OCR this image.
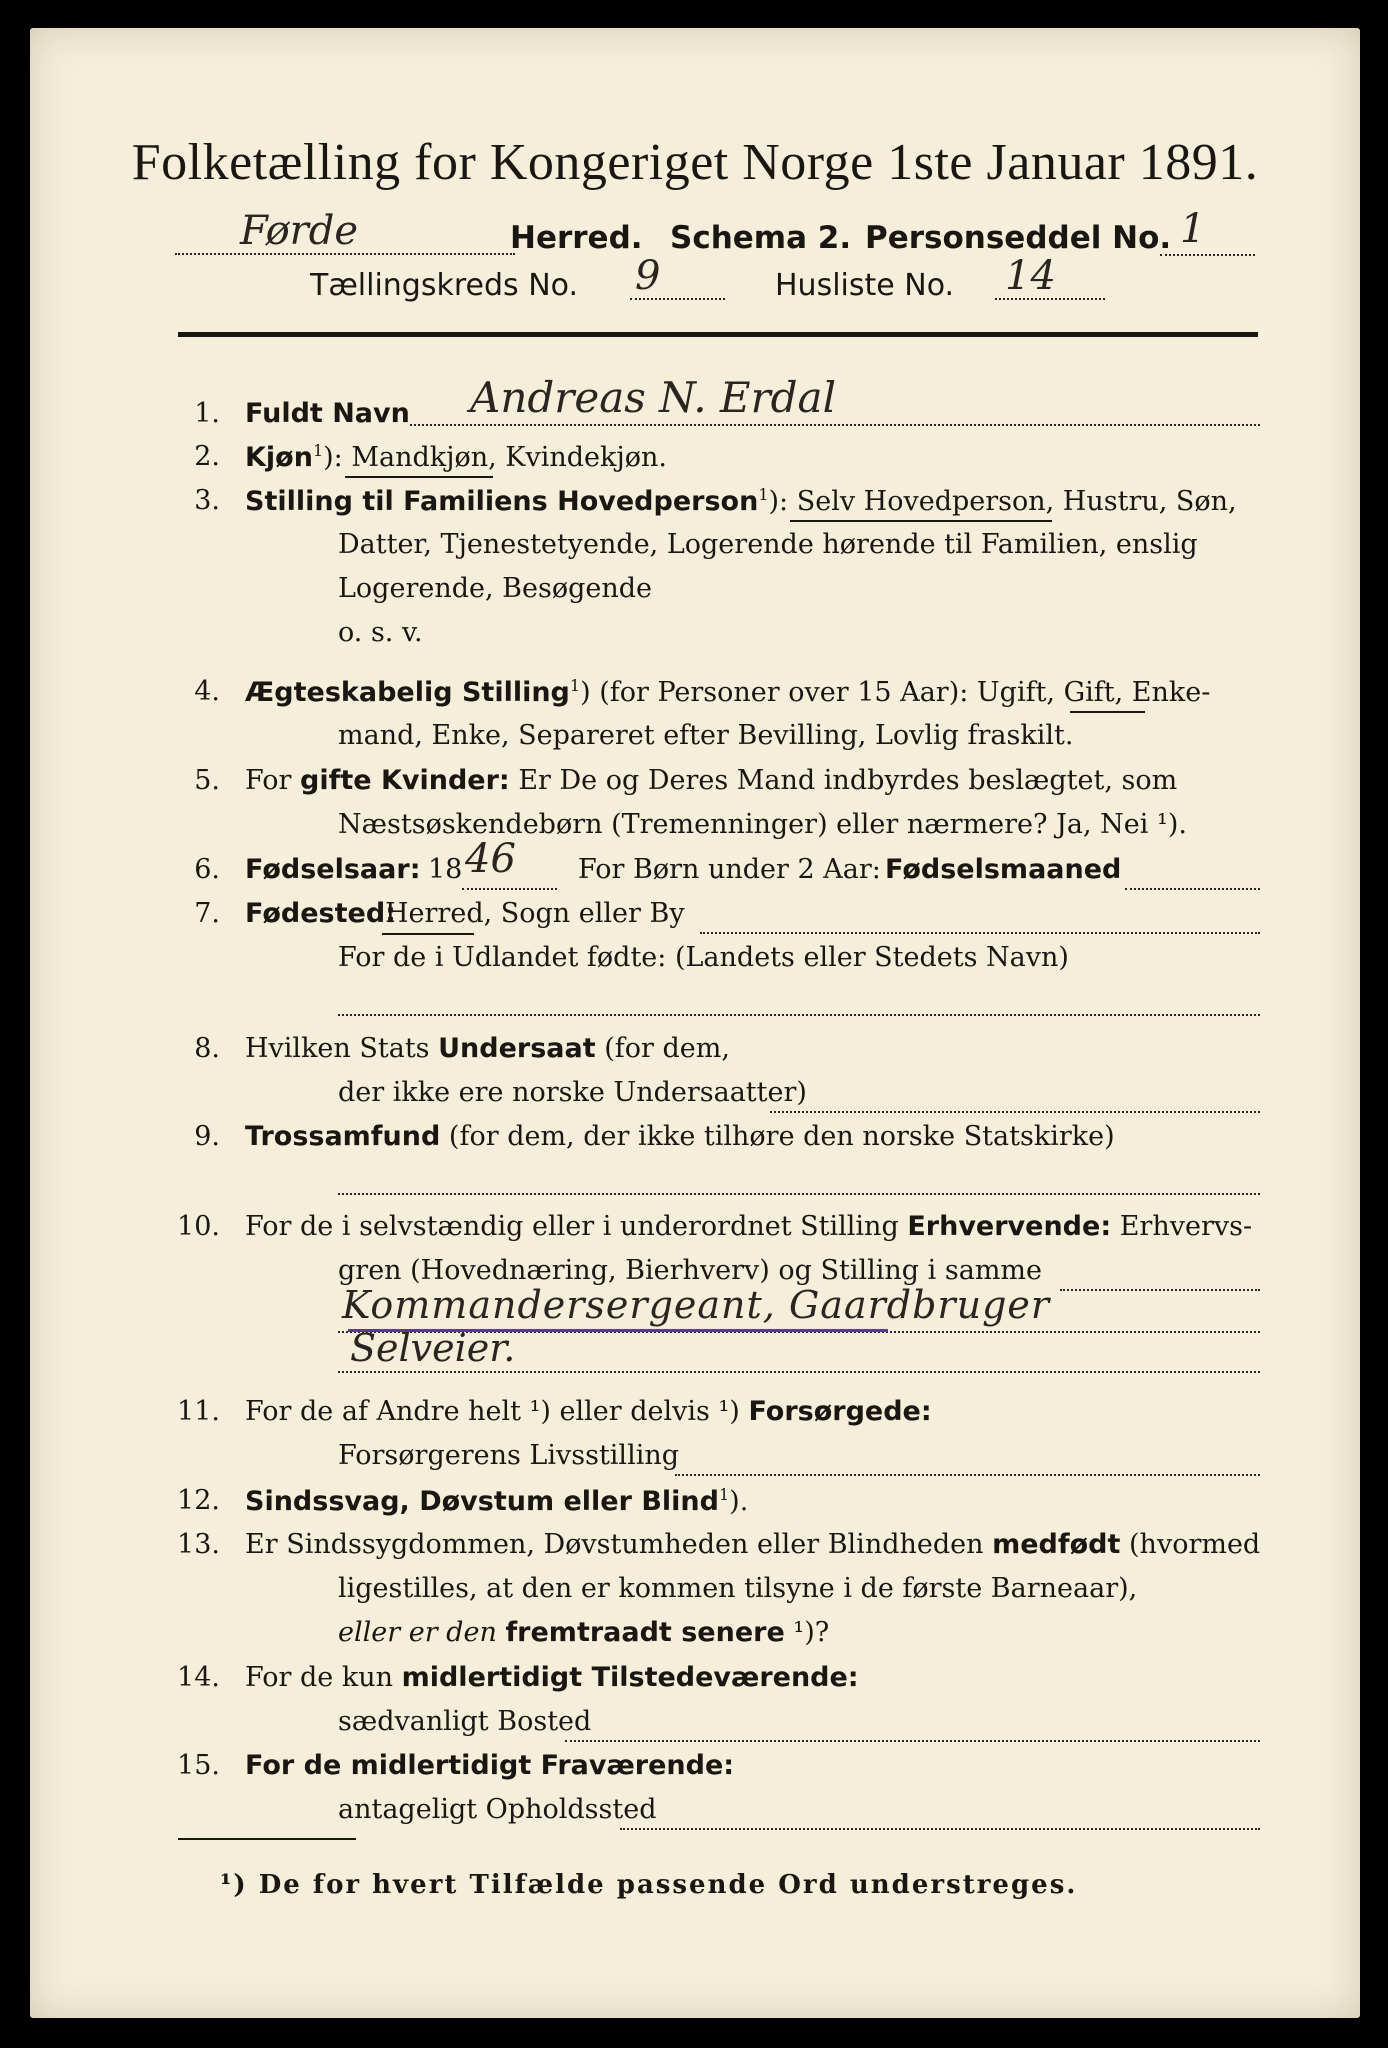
Folketælling for Kongeriget Norge 1ste Januar 1891.
Førde	Herred. Schema 2. Personseddel No. 1
Tællingskreds No. 9	Husliste No. 14
1. Fuldt Navn Andreas N. Erdal
2. Kjøn$^1$): Mandkjøn, Kvindekjøn.
3. Stilling til Familiens Hovedperson$^1$): Selv Hovedperson, Hustru, Søn,
Datter, Tjenestetyende, Logerende hørende til Familien, enslig
Logerende, Besøgende
o. s. v.
4. Ægteskabelig Stilling$^1$) (for Personer over 15 Aar): Ugift, Gift, Enke-
mand, Enke, Separeret efter Bevilling, Lovlig fraskilt.
5. For gifte Kvinder: Er De og Deres Mand indbyrdes beslægtet, som
Næstsøskendebørn (Tremenninger) eller nærmere? Ja, Nei ¹).
6. Fødselsaar: 18 46 For Børn under 2 Aar: Fødselsmaaned
7. Fødested:
Herred, Sogn eller By
For de i Udlandet fødte: (Landets eller Stedets Navn)
8. Hvilken Stats Undersaat (for dem,
der ikke ere norske Undersaatter)
9. Trossamfund (for dem, der ikke tilhøre den norske Statskirke)
10. For de i selvstændig eller i underordnet Stilling Erhvervende: Erhvervs-
gren (Hovednæring, Bierhverv) og Stilling i samme
Kommandersergeant, Gaardbruger
Selveier.
11. For de af Andre helt ¹) eller delvis ¹) Forsørgede:
Forsørgerens Livsstilling
12. Sindssvag, Døvstum eller Blind$^1$).
13. Er Sindssygdommen, Døvstumheden eller Blindheden medfødt (hvormed
ligestilles, at den er kommen tilsyne i de første Barneaar),
eller er den fremtraadt senere ¹)?
14. For de kun midlertidigt Tilstedeværende:
sædvanligt Bosted
15. For de midlertidigt Fraværende:
antageligt Opholdssted
¹) De for hvert Tilfælde passende Ord understreges.
